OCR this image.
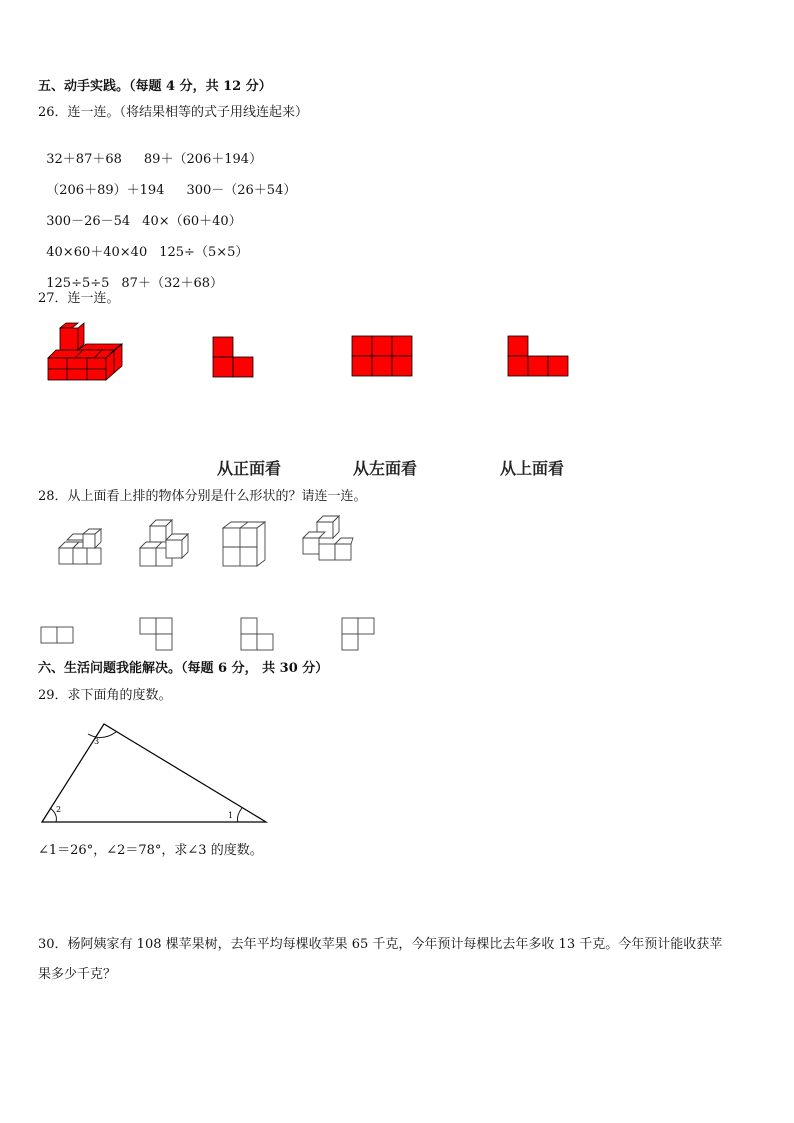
五、动手实践。（每题 4 分，共 12 分）
26．连一连。（将结果相等的式子用线连起来）

32＋87＋68 89＋（206＋194）

（206＋89）＋194 300－（26＋54）

300－26－54 40×（60＋40）

40×60＋40×40 125÷（5×5）

125÷5÷5 87＋（32＋68）

27．连一连。
从正面看	从左面看	从上面看
28．从上面看上排的物体分别是什么形状的？请连一连。
六、生活问题我能解决。（每题 6 分， 共 30 分）
29．求下面角的度数。
3
2
1
∠1＝26°，∠2＝78°，求∠3 的度数。
30．杨阿姨家有 108 棵苹果树，去年平均每棵收苹果 65 千克，今年预计每棵比去年多收 13 千克。今年预计能收获苹
果多少千克？
